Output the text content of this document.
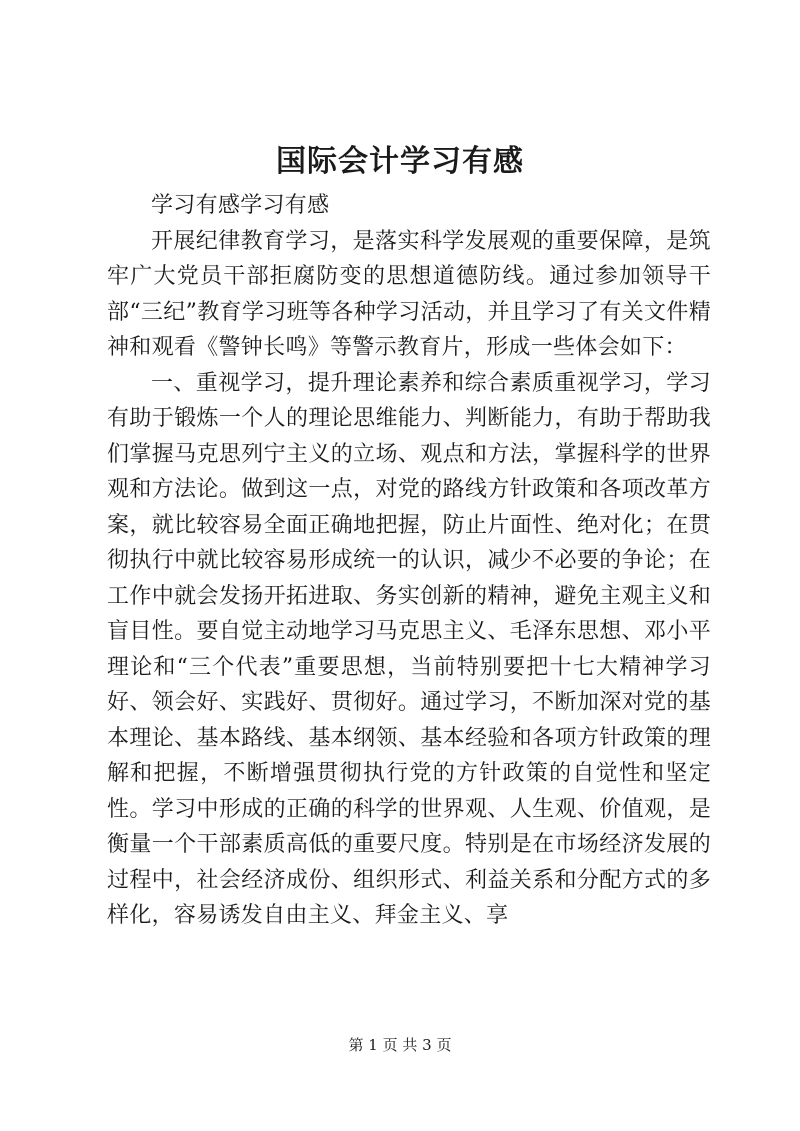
国际会计学习有感

学习有感学习有感

开展纪律教育学习，是落实科学发展观的重要保障，是筑牢广大党员干部拒腐防变的思想道德防线。通过参加领导干部“三纪”教育学习班等各种学习活动，并且学习了有关文件精神和观看《警钟长鸣》等警示教育片，形成一些体会如下：

一、重视学习，提升理论素养和综合素质重视学习，学习有助于锻炼一个人的理论思维能力、判断能力，有助于帮助我们掌握马克思列宁主义的立场、观点和方法，掌握科学的世界观和方法论。做到这一点，对党的路线方针政策和各项改革方案，就比较容易全面正确地把握，防止片面性、绝对化；在贯彻执行中就比较容易形成统一的认识，减少不必要的争论；在工作中就会发扬开拓进取、务实创新的精神，避免主观主义和盲目性。要自觉主动地学习马克思主义、毛泽东思想、邓小平理论和“三个代表”重要思想，当前特别要把十七大精神学习好、领会好、实践好、贯彻好。通过学习，不断加深对党的基本理论、基本路线、基本纲领、基本经验和各项方针政策的理解和把握，不断增强贯彻执行党的方针政策的自觉性和坚定性。学习中形成的正确的科学的世界观、人生观、价值观，是衡量一个干部素质高低的重要尺度。特别是在市场经济发展的过程中，社会经济成份、组织形式、利益关系和分配方式的多样化，容易诱发自由主义、拜金主义、享

第 1 页 共 3 页
